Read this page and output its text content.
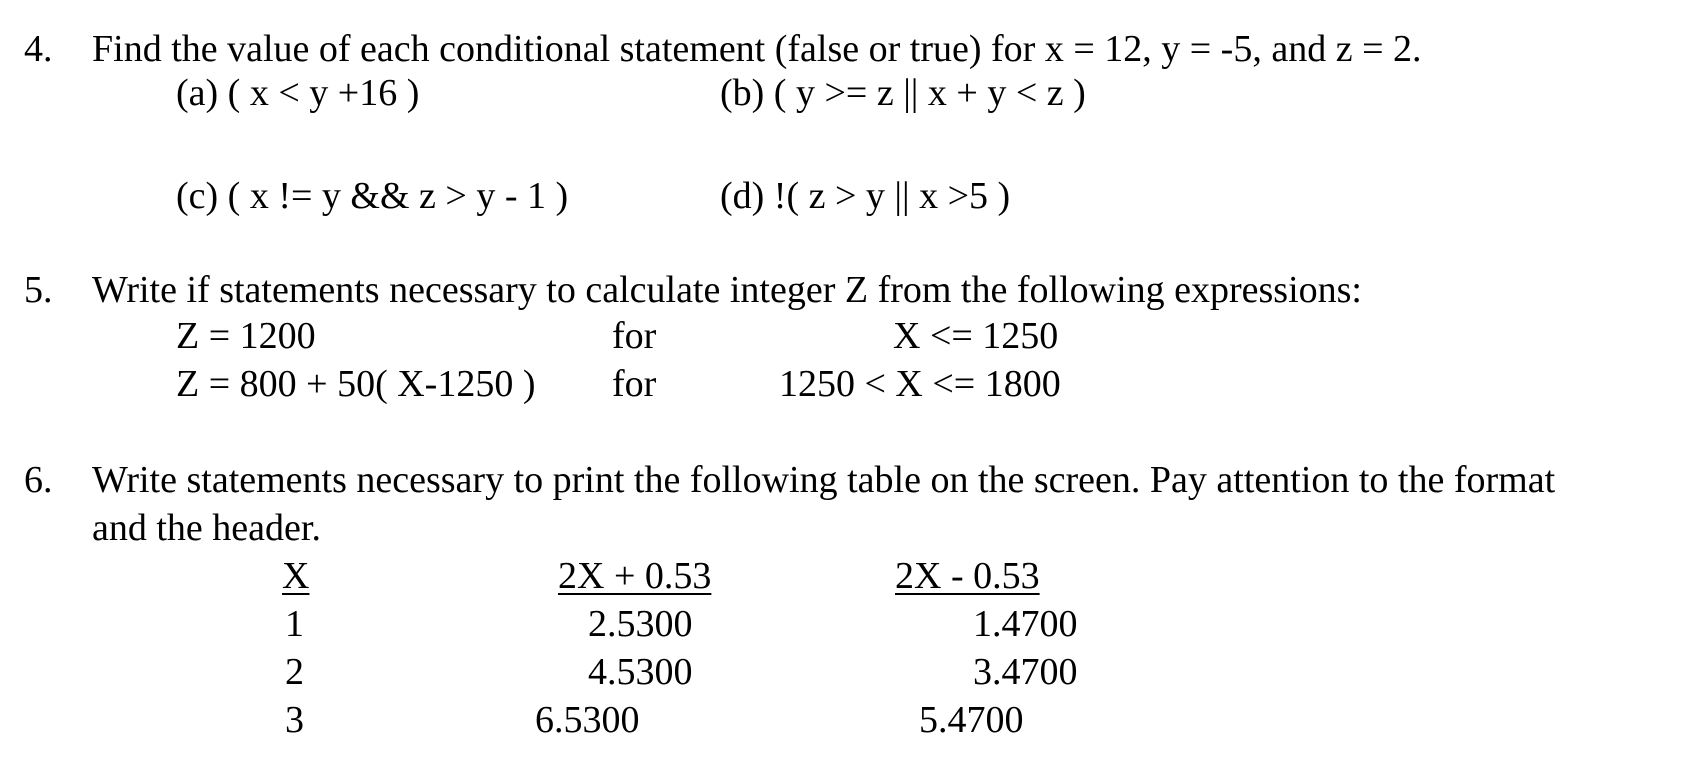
4. Find the value of each conditional statement (false or true) for x = 12, y = -5, and z = 2.
(a) ( x < y +16 )	(b) ( y >= z || x + y < z )
(c) ( x != y && z > y - 1 )	(d) !( z > y || x >5 )
5. Write if statements necessary to calculate integer Z from the following expressions:
Z = 1200	for	X <= 1250
Z = 800 + 50( X-1250 ) for	1250 < X <= 1800
6. Write statements necessary to print the following table on the screen. Pay attention to the format
and the header.
X	2X + 0.53	2X - 0.53
1	2.5300	1.4700
2	4.5300	3.4700
3	6.5300	5.4700
